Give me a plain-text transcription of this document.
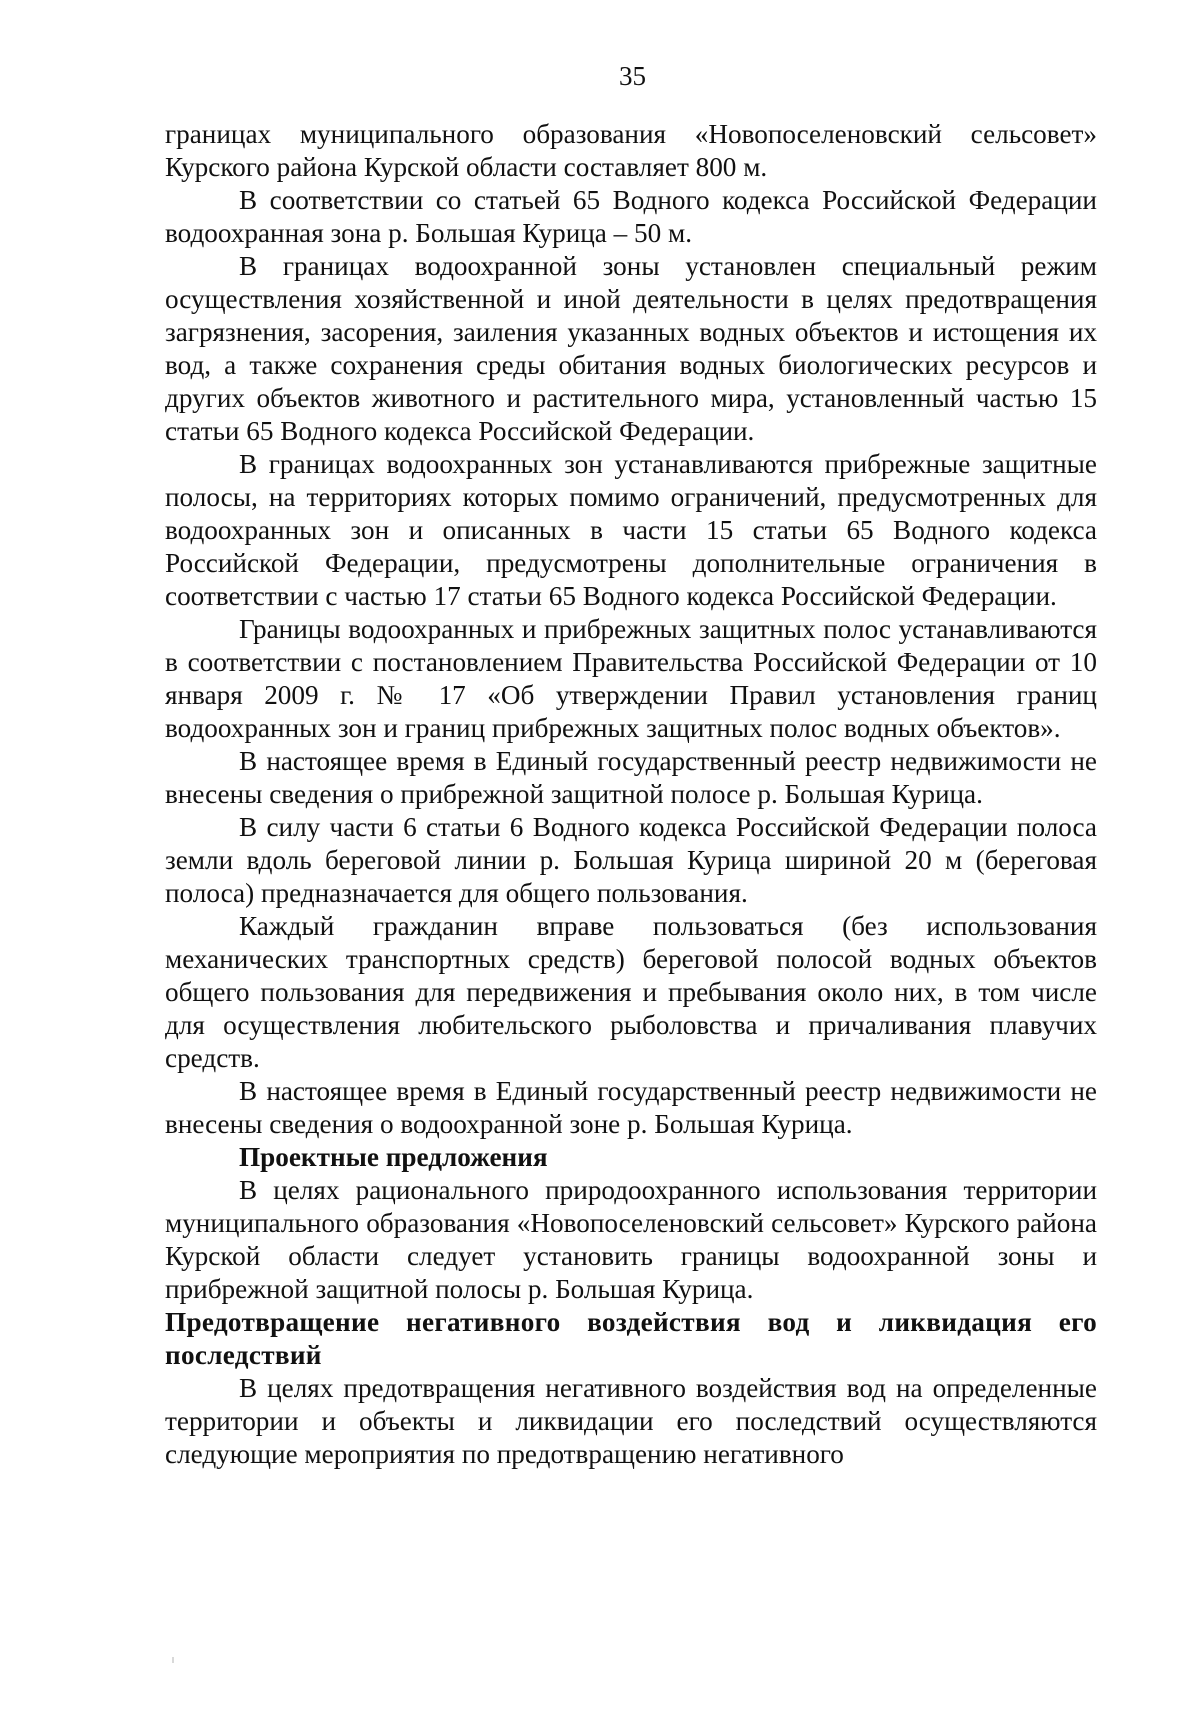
35

границах муниципального образования «Новопоселеновский сельсовет» Курского района Курской области составляет 800 м.

В соответствии со статьей 65 Водного кодекса Российской Федерации водоохранная зона р. Большая Курица – 50 м.

В границах водоохранной зоны установлен специальный режим осуществления хозяйственной и иной деятельности в целях предотвращения загрязнения, засорения, заиления указанных водных объектов и истощения их вод, а также сохранения среды обитания водных биологических ресурсов и других объектов животного и растительного мира, установленный частью 15 статьи 65 Водного кодекса Российской Федерации.

В границах водоохранных зон устанавливаются прибрежные защитные полосы, на территориях которых помимо ограничений, предусмотренных для водоохранных зон и описанных в части 15 статьи 65 Водного кодекса Российской Федерации, предусмотрены дополнительные ограничения в соответствии с частью 17 статьи 65 Водного кодекса Российской Федерации.

Границы водоохранных и прибрежных защитных полос устанавливаются в соответствии с постановлением Правительства Российской Федерации от 10 января 2009 г. № 17 «Об утверждении Правил установления границ водоохранных зон и границ прибрежных защитных полос водных объектов».

В настоящее время в Единый государственный реестр недвижимости не внесены сведения о прибрежной защитной полосе р. Большая Курица.

В силу части 6 статьи 6 Водного кодекса Российской Федерации полоса земли вдоль береговой линии р. Большая Курица шириной 20 м (береговая полоса) предназначается для общего пользования.

Каждый гражданин вправе пользоваться (без использования механических транспортных средств) береговой полосой водных объектов общего пользования для передвижения и пребывания около них, в том числе для осуществления любительского рыболовства и причаливания плавучих средств.

В настоящее время в Единый государственный реестр недвижимости не внесены сведения о водоохранной зоне р. Большая Курица.

Проектные предложения

В целях рационального природоохранного использования территории муниципального образования «Новопоселеновский сельсовет» Курского района Курской области следует установить границы водоохранной зоны и прибрежной защитной полосы р. Большая Курица.

Предотвращение негативного воздействия вод и ликвидация его последствий

В целях предотвращения негативного воздействия вод на определенные территории и объекты и ликвидации его последствий осуществляются следующие мероприятия по предотвращению негативного
